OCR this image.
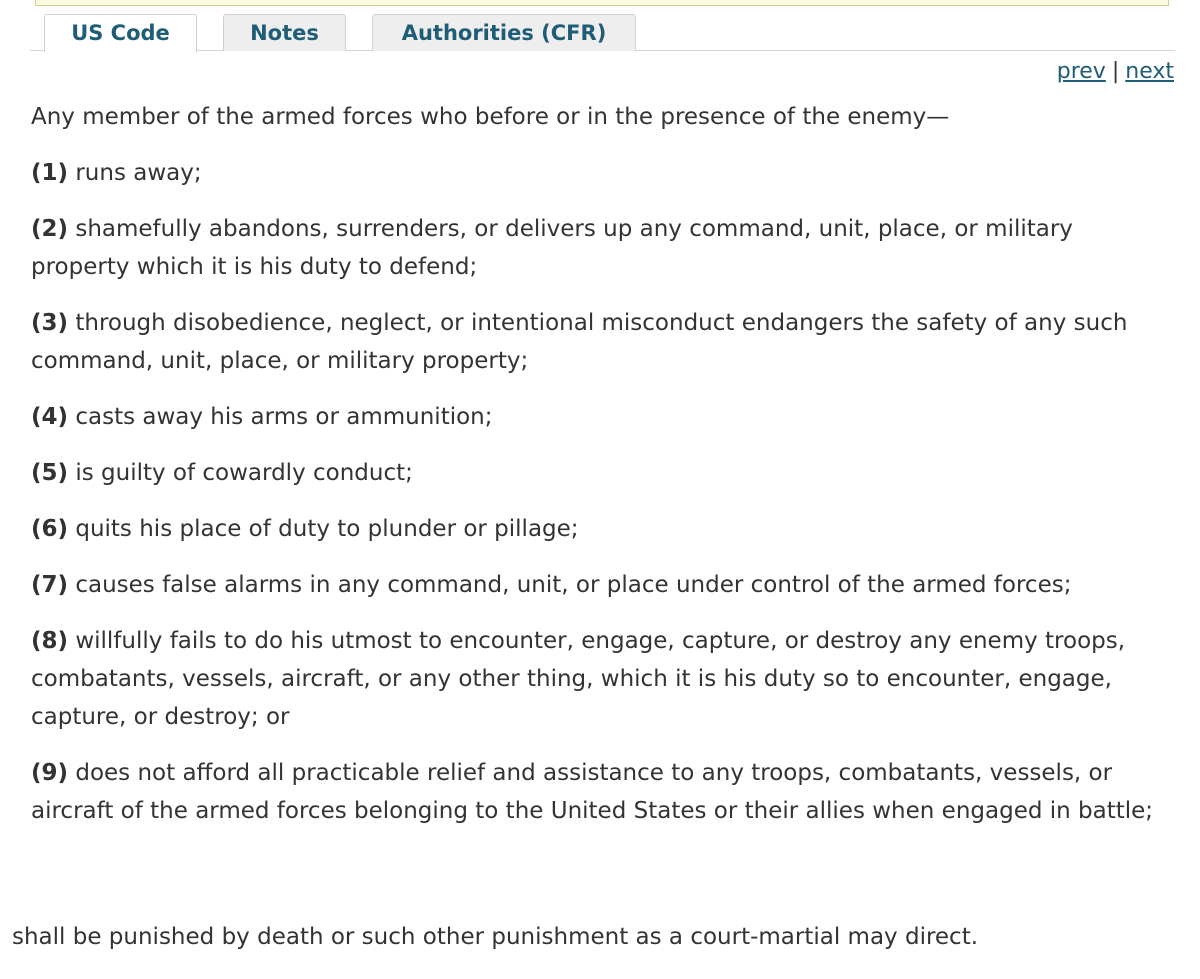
US Code	Notes	Authorities (CFR)
prev | next

Any member of the armed forces who before or in the presence of the enemy—

(1) runs away;

(2) shamefully abandons, surrenders, or delivers up any command, unit, place, or military property which it is his duty to defend;

(3) through disobedience, neglect, or intentional misconduct endangers the safety of any such command, unit, place, or military property;

(4) casts away his arms or ammunition;

(5) is guilty of cowardly conduct;

(6) quits his place of duty to plunder or pillage;

(7) causes false alarms in any command, unit, or place under control of the armed forces;

(8) willfully fails to do his utmost to encounter, engage, capture, or destroy any enemy troops, combatants, vessels, aircraft, or any other thing, which it is his duty so to encounter, engage, capture, or destroy; or

(9) does not afford all practicable relief and assistance to any troops, combatants, vessels, or aircraft of the armed forces belonging to the United States or their allies when engaged in battle;

shall be punished by death or such other punishment as a court-martial may direct.
